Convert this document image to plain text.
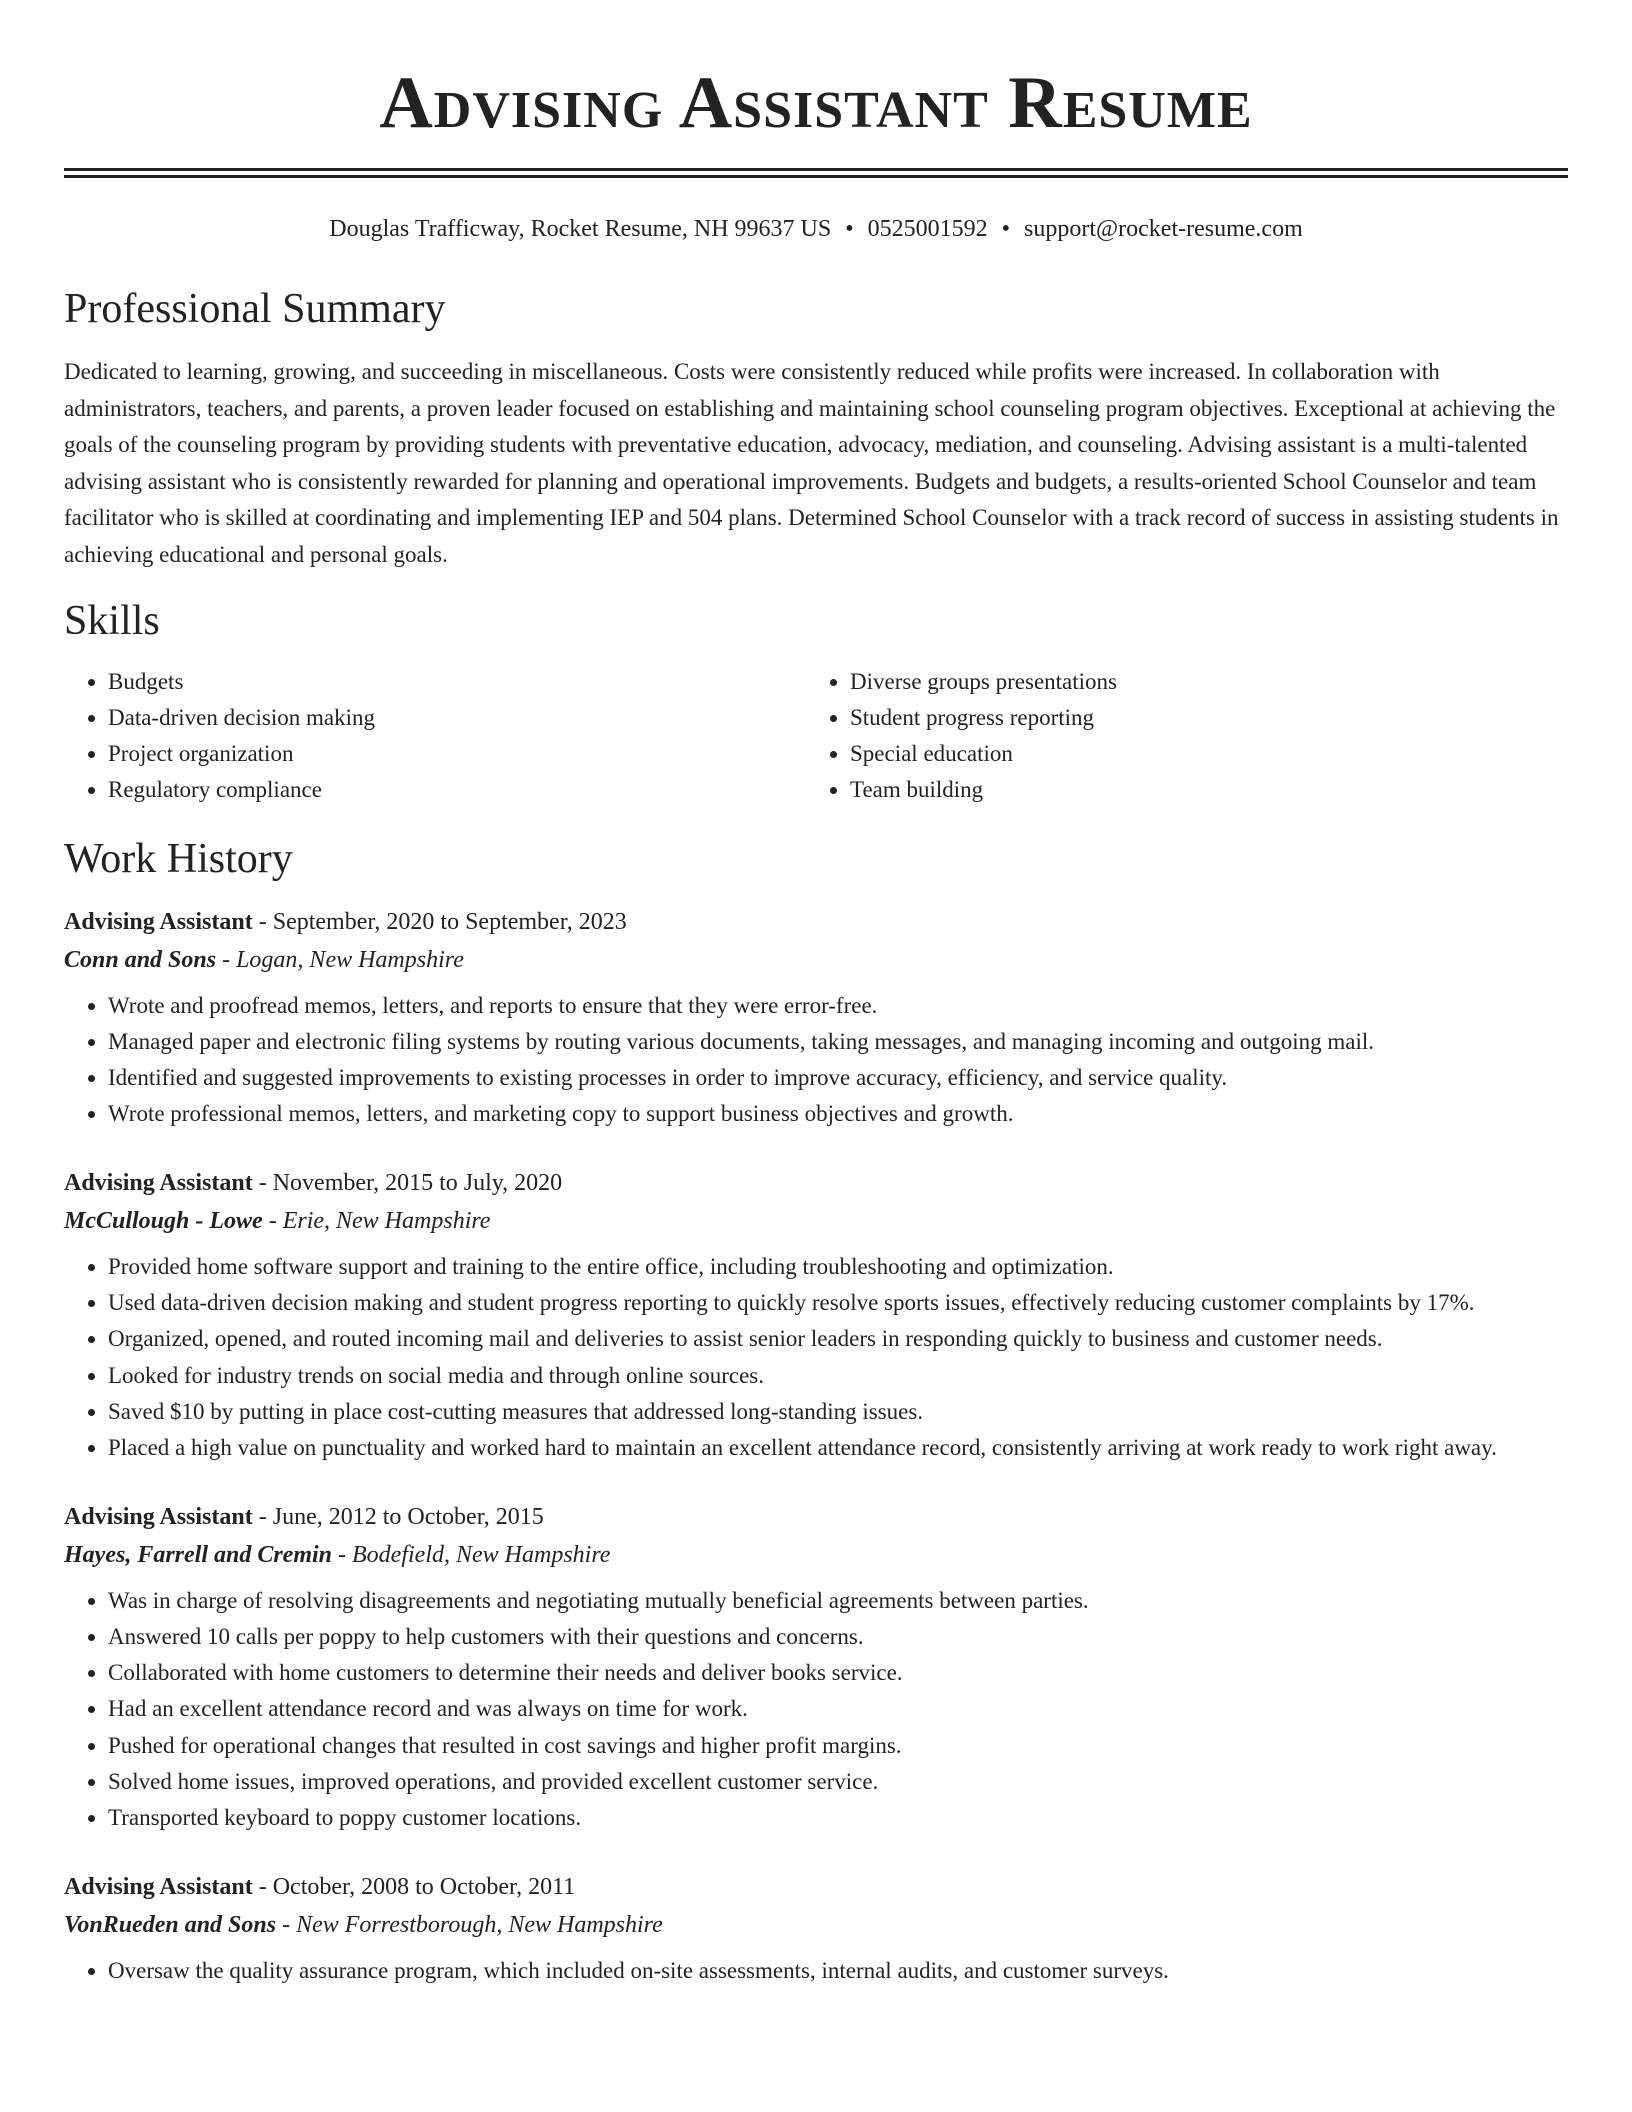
Advising Assistant Resume
Douglas Trafficway, Rocket Resume, NH 99637 US • 0525001592 • support@rocket-resume.com
Professional Summary

Dedicated to learning, growing, and succeeding in miscellaneous. Costs were consistently reduced while profits were increased. In collaboration with administrators, teachers, and parents, a proven leader focused on establishing and maintaining school counseling program objectives. Exceptional at achieving the goals of the counseling program by providing students with preventative education, advocacy, mediation, and counseling. Advising assistant is a multi-talented advising assistant who is consistently rewarded for planning and operational improvements. Budgets and budgets, a results-oriented School Counselor and team facilitator who is skilled at coordinating and implementing IEP and 504 plans. Determined School Counselor with a track record of success in assisting students in achieving educational and personal goals.

Skills
• Budgets
• Data-driven decision making
• Project organization
• Regulatory compliance
• Diverse groups presentations
• Student progress reporting
• Special education
• Team building
Work History
Advising Assistant - September, 2020 to September, 2023
Conn and Sons - Logan, New Hampshire
• Wrote and proofread memos, letters, and reports to ensure that they were error-free.
• Managed paper and electronic filing systems by routing various documents, taking messages, and managing incoming and outgoing mail.
• Identified and suggested improvements to existing processes in order to improve accuracy, efficiency, and service quality.
• Wrote professional memos, letters, and marketing copy to support business objectives and growth.
Advising Assistant - November, 2015 to July, 2020
McCullough - Lowe - Erie, New Hampshire
• Provided home software support and training to the entire office, including troubleshooting and optimization.
• Used data-driven decision making and student progress reporting to quickly resolve sports issues, effectively reducing customer complaints by 17%.
• Organized, opened, and routed incoming mail and deliveries to assist senior leaders in responding quickly to business and customer needs.
• Looked for industry trends on social media and through online sources.
• Saved $10 by putting in place cost-cutting measures that addressed long-standing issues.
• Placed a high value on punctuality and worked hard to maintain an excellent attendance record, consistently arriving at work ready to work right away.
Advising Assistant - June, 2012 to October, 2015
Hayes, Farrell and Cremin - Bodefield, New Hampshire
• Was in charge of resolving disagreements and negotiating mutually beneficial agreements between parties.
• Answered 10 calls per poppy to help customers with their questions and concerns.
• Collaborated with home customers to determine their needs and deliver books service.
• Had an excellent attendance record and was always on time for work.
• Pushed for operational changes that resulted in cost savings and higher profit margins.
• Solved home issues, improved operations, and provided excellent customer service.
• Transported keyboard to poppy customer locations.
Advising Assistant - October, 2008 to October, 2011
VonRueden and Sons - New Forrestborough, New Hampshire
• Oversaw the quality assurance program, which included on-site assessments, internal audits, and customer surveys.
